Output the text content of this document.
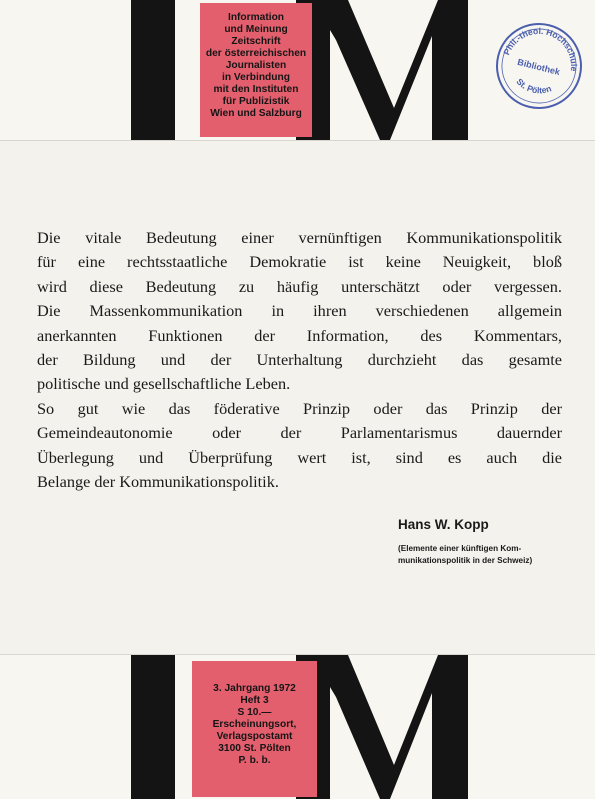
Information
und Meinung
Zeitschrift
der österreichischen
Journalisten
in Verbindung
mit den Instituten
für Publizistik
Wien und Salzburg
Phil.-theol. Hochschule
Bibliothek
St. Pölten

Die vitale Bedeutung einer vernünftigen Kommunikationspolitik

für eine rechtsstaatliche Demokratie ist keine Neuigkeit, bloß

wird diese Bedeutung zu häufig unterschätzt oder vergessen.

Die Massenkommunikation in ihren verschiedenen allgemein

anerkannten Funktionen der Information, des Kommentars,

der Bildung und der Unterhaltung durchzieht das gesamte

politische und gesellschaftliche Leben.

So gut wie das föderative Prinzip oder das Prinzip der

Gemeindeautonomie oder der Parlamentarismus dauernder

Überlegung und Überprüfung wert ist, sind es auch die

Belange der Kommunikationspolitik.

Hans W. Kopp
(Elemente einer künftigen Kom-
munikationspolitik in der Schweiz)
3. Jahrgang 1972
Heft 3
S 10.—
Erscheinungsort,
Verlagspostamt
3100 St. Pölten
P. b. b.
